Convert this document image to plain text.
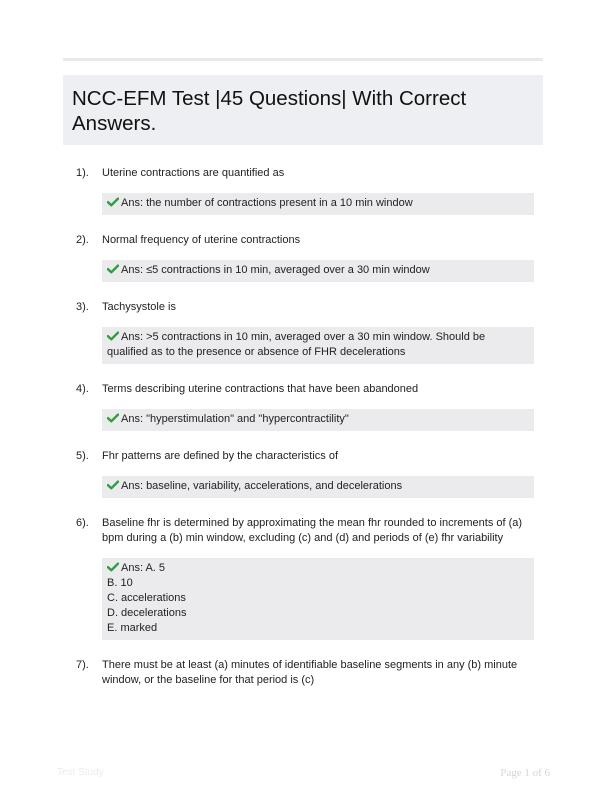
NCC-EFM Test |45 Questions| With Correct Answers.
1).	Uterine contractions are quantified as
Ans: the number of contractions present in a 10 min window
2).	Normal frequency of uterine contractions
Ans: ≤5 contractions in 10 min, averaged over a 30 min window
3).	Tachysystole is
Ans: >5 contractions in 10 min, averaged over a 30 min window. Should be qualified as to the presence or absence of FHR decelerations
4).	Terms describing uterine contractions that have been abandoned
Ans: "hyperstimulation" and "hypercontractility"
5).	Fhr patterns are defined by the characteristics of
Ans: baseline, variability, accelerations, and decelerations
6).	Baseline fhr is determined by approximating the mean fhr rounded to increments of (a) bpm during a (b) min window, excluding (c) and (d) and periods of (e) fhr variability
Ans: A. 5
B. 10
C. accelerations
D. decelerations
E. marked
7).	There must be at least (a) minutes of identifiable baseline segments in any (b) minute window, or the baseline for that period is (c)
Test Study	Page 1 of 6
